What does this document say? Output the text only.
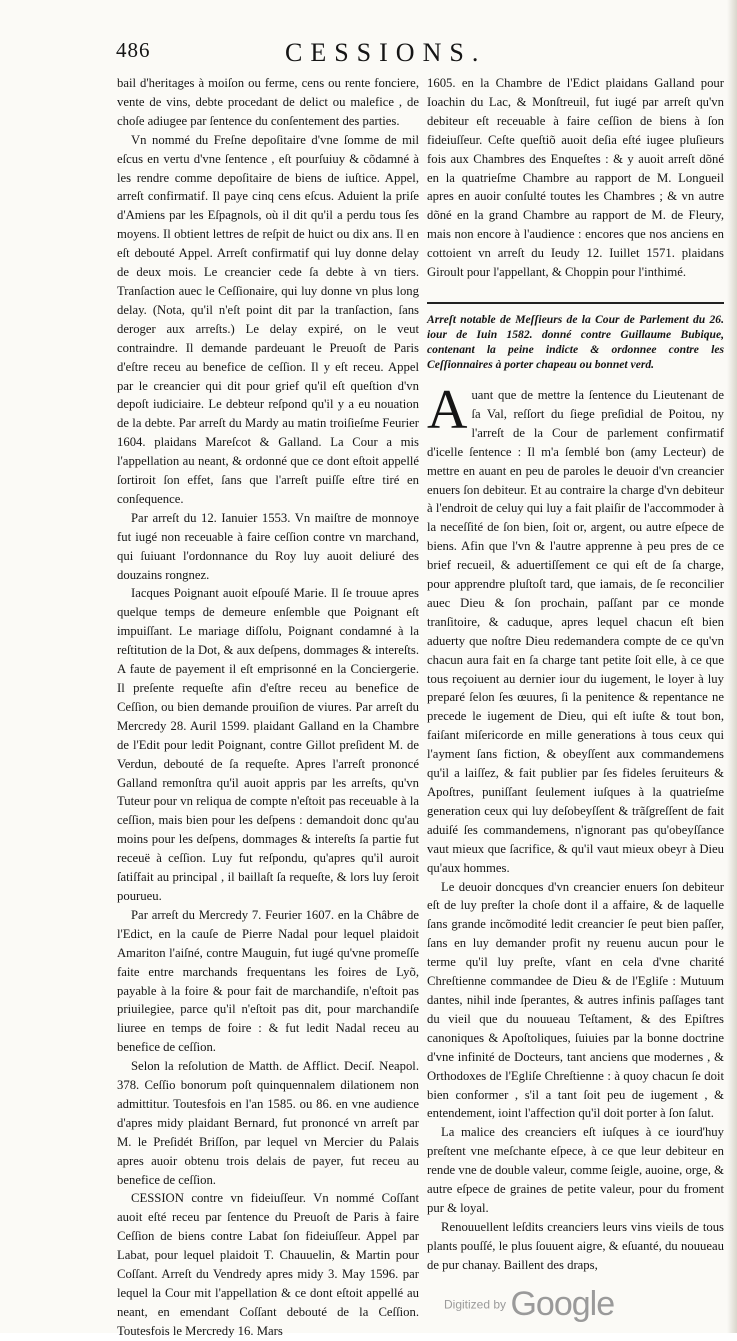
486	CESSIONS.

bail d'heritages à moiſon ou ferme, cens ou rente fonciere, vente de vins, debte procedant de delict ou malefice , de choſe adiugee par ſentence du conſentement des parties.

Vn nommé du Freſne depoſitaire d'vne ſomme de mil eſcus en vertu d'vne ſentence , eſt pourſuiuy & cõdamné à les rendre comme depoſitaire de biens de iuſtice. Appel, arreſt confirmatif. Il paye cinq cens eſcus. Aduient la priſe d'Amiens par les Eſpagnols, où il dit qu'il a perdu tous ſes moyens. Il obtient lettres de reſpit de huict ou dix ans. Il en eſt debouté Appel. Arreſt confirmatif qui luy donne delay de deux mois. Le creancier cede ſa debte à vn tiers. Tranſaction auec le Ceſſionaire, qui luy donne vn plus long delay. (Nota, qu'il n'eſt point dit par la tranſaction, ſans deroger aux arreſts.) Le delay expiré, on le veut contraindre. Il demande pardeuant le Preuoſt de Paris d'eſtre receu au benefice de ceſſion. Il y eſt receu. Appel par le creancier qui dit pour grief qu'il eſt queſtion d'vn depoſt iudiciaire. Le debteur reſpond qu'il y a eu nouation de la debte. Par arreſt du Mardy au matin troiſieſme Feurier 1604. plaidans Mareſcot & Galland. La Cour a mis l'appellation au neant, & ordonné que ce dont eſtoit appellé ſortiroit ſon effet, ſans que l'arreſt puiſſe eſtre tiré en conſequence.

Par arreſt du 12. Ianuier 1553. Vn maiſtre de monnoye fut iugé non receuable à faire ceſſion contre vn marchand, qui ſuiuant l'ordonnance du Roy luy auoit deliuré des douzains rongnez.

Iacques Poignant auoit eſpouſé Marie. Il ſe trouue apres quelque temps de demeure enſemble que Poignant eſt impuiſſant. Le mariage diſſolu, Poignant condamné à la reſtitution de la Dot, & aux deſpens, dommages & intereſts. A faute de payement il eſt emprisonné en la Conciergerie. Il preſente requeſte afin d'eſtre receu au benefice de Ceſſion, ou bien demande prouiſion de viures. Par arreſt du Mercredy 28. Auril 1599. plaidant Galland en la Chambre de l'Edit pour ledit Poignant, contre Gillot preſident M. de Verdun, debouté de ſa requeſte. Apres l'arreſt prononcé Galland remonſtra qu'il auoit appris par les arreſts, qu'vn Tuteur pour vn reliqua de compte n'eſtoit pas receuable à la ceſſion, mais bien pour les deſpens : demandoit donc qu'au moins pour les deſpens, dommages & intereſts ſa partie fut receuë à ceſſion. Luy fut reſpondu, qu'apres qu'il auroit ſatiſfait au principal , il baillaſt ſa requeſte, & lors luy ſeroit pourueu.

Par arreſt du Mercredy 7. Feurier 1607. en la Châbre de l'Edict, en la cauſe de Pierre Nadal pour lequel plaidoit Amariton l'aiſné, contre Mauguin, fut iugé qu'vne promeſſe faite entre marchands frequentans les foires de Lyõ, payable à la foire & pour fait de marchandiſe, n'eſtoit pas priuilegiee, parce qu'il n'eſtoit pas dit, pour marchandiſe liuree en temps de foire : & fut ledit Nadal receu au benefice de ceſſion.

Selon la reſolution de Matth. de Afflict. Deciſ. Neapol. 378. Ceſſio bonorum poſt quinquennalem dilationem non admittitur. Toutesfois en l'an 1585. ou 86. en vne audience d'apres midy plaidant Bernard, fut prononcé vn arreſt par M. le Preſidét Briſſon, par lequel vn Mercier du Palais apres auoir obtenu trois delais de payer, fut receu au benefice de ceſſion.

CESSION contre vn fideiuſſeur. Vn nommé Coſſant auoit eſté receu par ſentence du Preuoſt de Paris à faire Ceſſion de biens contre Labat ſon fideiuſſeur. Appel par Labat, pour lequel plaidoit T. Chauuelin, & Martin pour Coſſant. Arreſt du Vendredy apres midy 3. May 1596. par lequel la Cour mit l'appellation & ce dont eſtoit appellé au neant, en emendant Coſſant debouté de la Ceſſion. Toutesfois le Mercredy 16. Mars

1605. en la Chambre de l'Edict plaidans Galland pour Ioachin du Lac, & Monſtreuil, fut iugé par arreſt qu'vn debiteur eſt receuable à faire ceſſion de biens à ſon fideiuſſeur. Ceſte queſtiõ auoit deſia eſté iugee pluſieurs fois aux Chambres des Enqueſtes : & y auoit arreſt dõné en la quatrieſme Chambre au rapport de M. Longueil apres en auoir conſulté toutes les Chambres ; & vn autre dõné en la grand Chambre au rapport de M. de Fleury, mais non encore à l'audience : encores que nos anciens en cottoient vn arreſt du Ieudy 12. Iuillet 1571. plaidans Giroult pour l'appellant, & Choppin pour l'inthimé.

Arreſt notable de Meſſieurs de la Cour de Parlement du 26. iour de Iuin 1582. donné contre Guillaume Bubique, contenant la peine indicte & ordonnee contre les Ceſſionnaires à porter chapeau ou bonnet verd.

Auant que de mettre la ſentence du Lieutenant de ſa Val, reſſort du ſiege preſidial de Poitou, ny l'arreſt de la Cour de parlement confirmatif d'icelle ſentence : Il m'a ſemblé bon (amy Lecteur) de mettre en auant en peu de paroles le deuoir d'vn creancier enuers ſon debiteur. Et au contraire la charge d'vn debiteur à l'endroit de celuy qui luy a fait plaiſir de l'accommoder à la neceſſité de ſon bien, ſoit or, argent, ou autre eſpece de biens. Afin que l'vn & l'autre apprenne à peu pres de ce brief recueil, & aduertiſſement ce qui eſt de ſa charge, pour apprendre pluſtoſt tard, que iamais, de ſe reconcilier auec Dieu & ſon prochain, paſſant par ce monde tranſitoire, & caduque, apres lequel chacun eſt bien aduerty que noſtre Dieu redemandera compte de ce qu'vn chacun aura fait en ſa charge tant petite ſoit elle, à ce que tous reçoiuent au dernier iour du iugement, le loyer à luy preparé ſelon ſes œuures, ſi la penitence & repentance ne precede le iugement de Dieu, qui eſt iuſte & tout bon, faiſant miſericorde en mille generations à tous ceux qui l'ayment ſans fiction, & obeyſſent aux commandemens qu'il a laiſſez, & fait publier par ſes fideles ſeruiteurs & Apoſtres, puniſſant ſeulement iuſques à la quatrieſme generation ceux qui luy deſobeyſſent & trãſgreſſent de fait aduiſé ſes commandemens, n'ignorant pas qu'obeyſſance vaut mieux que ſacrifice, & qu'il vaut mieux obeyr à Dieu qu'aux hommes.

Le deuoir doncques d'vn creancier enuers ſon debiteur eſt de luy preſter la choſe dont il a affaire, & de laquelle ſans grande incõmodité ledit creancier ſe peut bien paſſer, ſans en luy demander profit ny reuenu aucun pour le terme qu'il luy preſte, vſant en cela d'vne charité Chreſtienne commandee de Dieu & de l'Egliſe : Mutuum dantes, nihil inde ſperantes, & autres infinis paſſages tant du vieil que du nouueau Teſtament, & des Epiſtres canoniques & Apoſtoliques, ſuiuies par la bonne doctrine d'vne infinité de Docteurs, tant anciens que modernes , & Orthodoxes de l'Egliſe Chreſtienne : à quoy chacun ſe doit bien conformer , s'il a tant ſoit peu de iugement , & entendement, ioint l'affection qu'il doit porter à ſon ſalut.

La malice des creanciers eſt iuſques à ce iourd'huy preſtent vne meſchante eſpece, à ce que leur debiteur en rende vne de double valeur, comme ſeigle, auoine, orge, & autre eſpece de graines de petite valeur, pour du froment pur & loyal.

Renouuellent leſdits creanciers leurs vins vieils de tous plants pouſſé, le plus ſouuent aigre, & eſuanté, du nouueau de pur chanay. Baillent des draps,

Digitized by Google
